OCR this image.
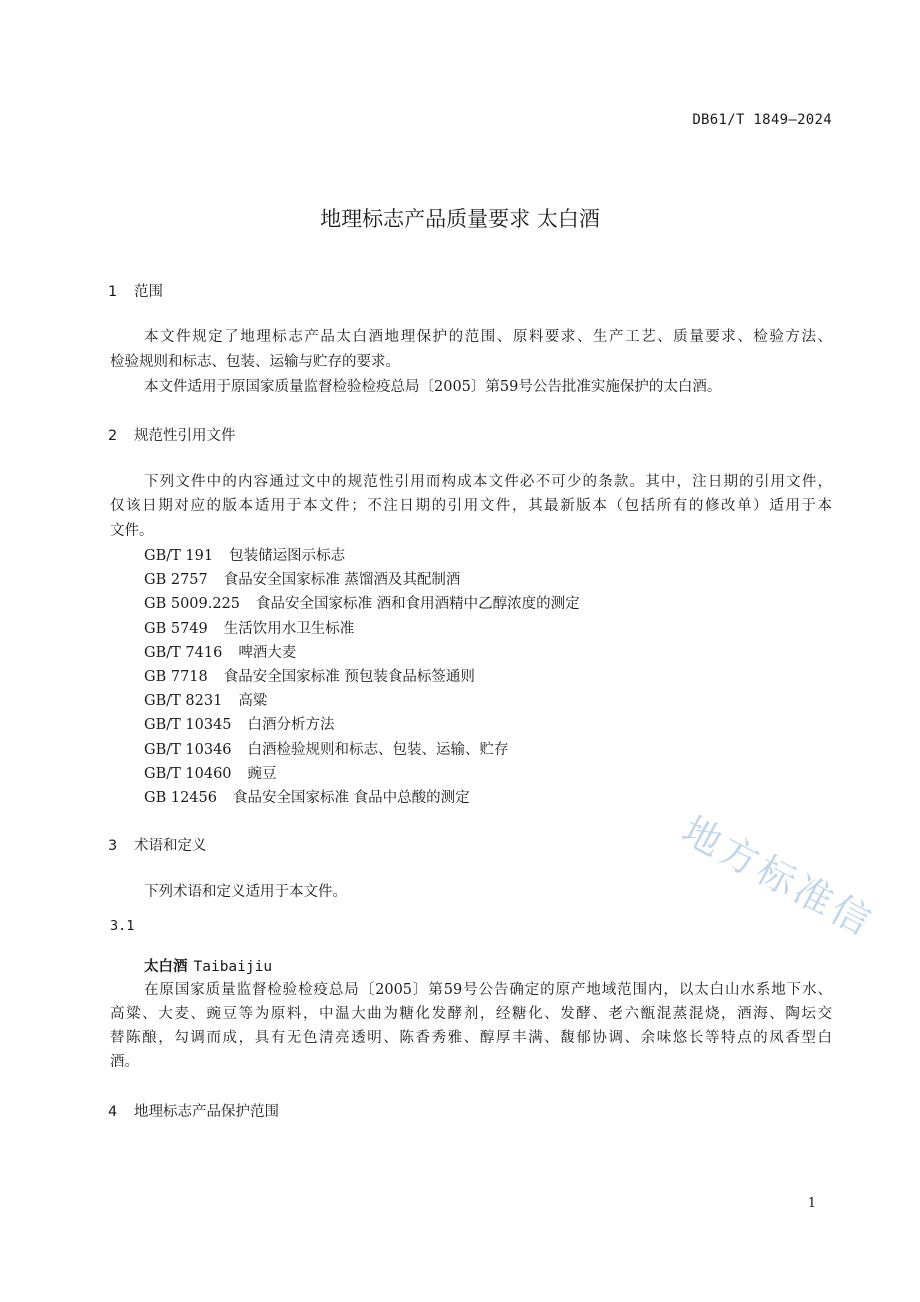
DB61/T 1849—2024
地理标志产品质量要求 太白酒
1 范围
本文件规定了地理标志产品太白酒地理保护的范围、原料要求、生产工艺、质量要求、检验方法、
检验规则和标志、包装、运输与贮存的要求。
本文件适用于原国家质量监督检验检疫总局〔2005〕第59号公告批准实施保护的太白酒。
2 规范性引用文件
下列文件中的内容通过文中的规范性引用而构成本文件必不可少的条款。其中，注日期的引用文件，
仅该日期对应的版本适用于本文件；不注日期的引用文件，其最新版本（包括所有的修改单）适用于本
文件。
GB/T 191 包装储运图示标志
GB 2757 食品安全国家标准 蒸馏酒及其配制酒
GB 5009.225 食品安全国家标准 酒和食用酒精中乙醇浓度的测定
GB 5749 生活饮用水卫生标准
GB/T 7416 啤酒大麦
GB 7718 食品安全国家标准 预包装食品标签通则
GB/T 8231 高粱
GB/T 10345 白酒分析方法
GB/T 10346 白酒检验规则和标志、包装、运输、贮存
GB/T 10460 豌豆
GB 12456 食品安全国家标准 食品中总酸的测定
3 术语和定义
下列术语和定义适用于本文件。
3.1
太白酒 Taibaijiu
在原国家质量监督检验检疫总局〔2005〕第59号公告确定的原产地域范围内，以太白山水系地下水、
高粱、大麦、豌豆等为原料，中温大曲为糖化发酵剂，经糖化、发酵、老六甑混蒸混烧，酒海、陶坛交
替陈酿，勾调而成，具有无色清亮透明、陈香秀雅、醇厚丰满、馥郁协调、余味悠长等特点的凤香型白
酒。
4 地理标志产品保护范围
地方标准信
1
